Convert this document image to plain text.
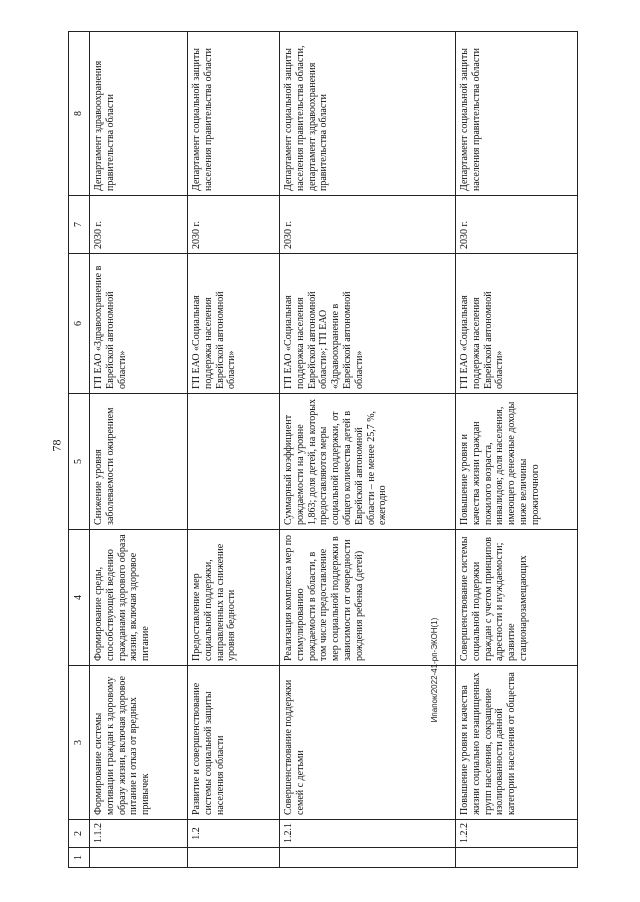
78
1	2	3	4	5	6	7	8
	1.1.2	Формирование системы мотивации граждан к здоровому образу жизни, включая здоровое питание и отказ от вредных привычек	Формирование среды, способствующей ведению гражданами здорового образа жизни, включая здоровое питание	Снижение уровня заболеваемости ожирением	ГП ЕАО «Здравоохранение в Еврейской автономной области»	2030 г.	Департамент здравоохранения правительства области
	1.2	Развитие и совершенствование системы социальной защиты населения области	Предоставление мер социальной поддержки, направленных на снижение уровня бедности		ГП ЕАО «Социальная поддержка населения Еврейской автономной области»	2030 г.	Департамент социальной защиты населения правительства области
	1.2.1	Совершенствование поддержки семей с детьми	Реализация комплекса мер по стимулированию рождаемости в области, в том числе предоставление мер социальной поддержки в зависимости от очередности рождения ребенка (детей)	Суммарный коэффициент рождаемости на уровне 1,863; доля детей, на которых предоставляются меры социальной поддержки, от общего количества детей в Еврейской автономной области – не менее 25,7 %, ежегодно	ГП ЕАО «Социальная поддержка населения Еврейской автономной области»; ГП ЕАО «Здравоохранение в Еврейской автономной области»	2030 г.	Департамент социальной защиты населения правительства области, департамент здравоохранения правительства области
	1.2.2	Повышение уровня и качества жизни социально незащищенных групп населения, сокращение изолированности данной категории населения от общества	Совершенствование системы социальной поддержки граждан с учетом принципов адресности и нуждаемости; развитие стационарозамещающих	Повышение уровня и качества жизни граждан пожилого возраста, инвалидов; доля населения, имеющего денежные доходы ниже величины прожиточного	ГП ЕАО «Социальная поддержка населения Еврейской автономной области»	2030 г.	Департамент социальной защиты населения правительства области
Ипапок/2022-41-рп-ЭКОН(1)
